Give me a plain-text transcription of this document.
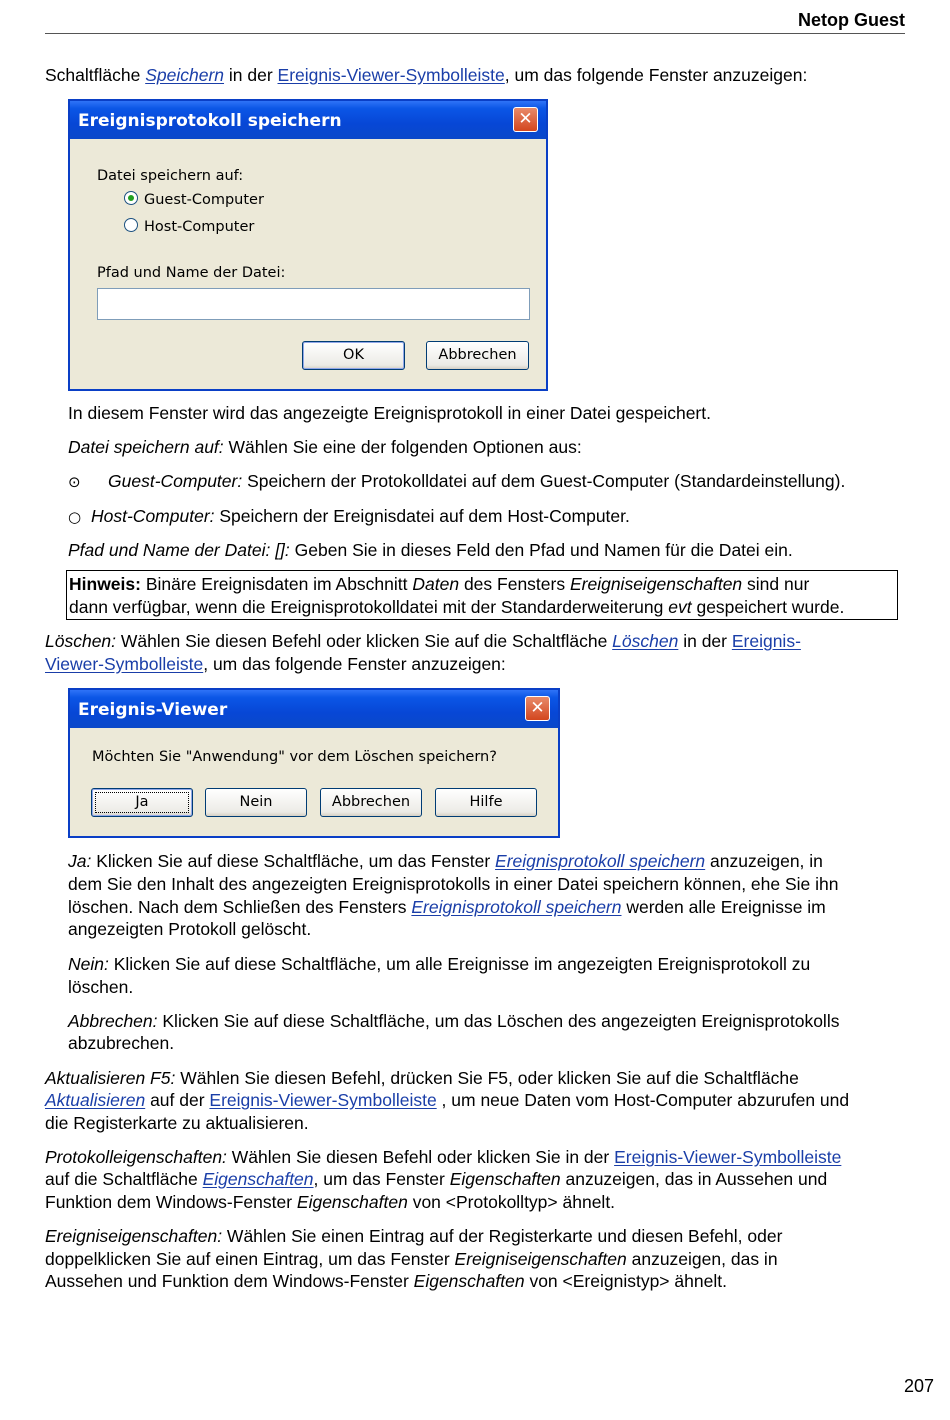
Netop Guest

Schaltfläche Speichern in der Ereignis-Viewer-Symbolleiste, um das folgende Fenster anzuzeigen:

Ereignisprotokoll speichern	✕
Datei speichern auf:
Guest-Computer
Host-Computer
Pfad und Name der Datei:
OK	Abbrechen

In diesem Fenster wird das angezeigte Ereignisprotokoll in einer Datei gespeichert.

Datei speichern auf: Wählen Sie eine der folgenden Optionen aus:

⊙ Guest-Computer: Speichern der Protokolldatei auf dem Guest-Computer (Standardeinstellung).

○ Host-Computer: Speichern der Ereignisdatei auf dem Host-Computer.

Pfad und Name der Datei: []: Geben Sie in dieses Feld den Pfad und Namen für die Datei ein.

Hinweis: Binäre Ereignisdaten im Abschnitt Daten des Fensters Ereigniseigenschaften sind nur
dann verfügbar, wenn die Ereignisprotokolldatei mit der Standarderweiterung evt gespeichert wurde.

Löschen: Wählen Sie diesen Befehl oder klicken Sie auf die Schaltfläche Löschen in der Ereignis-

Viewer-Symbolleiste, um das folgende Fenster anzuzeigen:

Ereignis-Viewer	✕
Möchten Sie "Anwendung" vor dem Löschen speichern?
Ja	Nein	Abbrechen	Hilfe

Ja: Klicken Sie auf diese Schaltfläche, um das Fenster Ereignisprotokoll speichern anzuzeigen, in

dem Sie den Inhalt des angezeigten Ereignisprotokolls in einer Datei speichern können, ehe Sie ihn

löschen. Nach dem Schließen des Fensters Ereignisprotokoll speichern werden alle Ereignisse im

angezeigten Protokoll gelöscht.

Nein: Klicken Sie auf diese Schaltfläche, um alle Ereignisse im angezeigten Ereignisprotokoll zu

löschen.

Abbrechen: Klicken Sie auf diese Schaltfläche, um das Löschen des angezeigten Ereignisprotokolls

abzubrechen.

Aktualisieren F5: Wählen Sie diesen Befehl, drücken Sie F5, oder klicken Sie auf die Schaltfläche

Aktualisieren auf der Ereignis-Viewer-Symbolleiste , um neue Daten vom Host-Computer abzurufen und

die Registerkarte zu aktualisieren.

Protokolleigenschaften: Wählen Sie diesen Befehl oder klicken Sie in der Ereignis-Viewer-Symbolleiste

auf die Schaltfläche Eigenschaften, um das Fenster Eigenschaften anzuzeigen, das in Aussehen und

Funktion dem Windows-Fenster Eigenschaften von <Protokolltyp> ähnelt.

Ereigniseigenschaften: Wählen Sie einen Eintrag auf der Registerkarte und diesen Befehl, oder

doppelklicken Sie auf einen Eintrag, um das Fenster Ereigniseigenschaften anzuzeigen, das in

Aussehen und Funktion dem Windows-Fenster Eigenschaften von <Ereignistyp> ähnelt.

207
